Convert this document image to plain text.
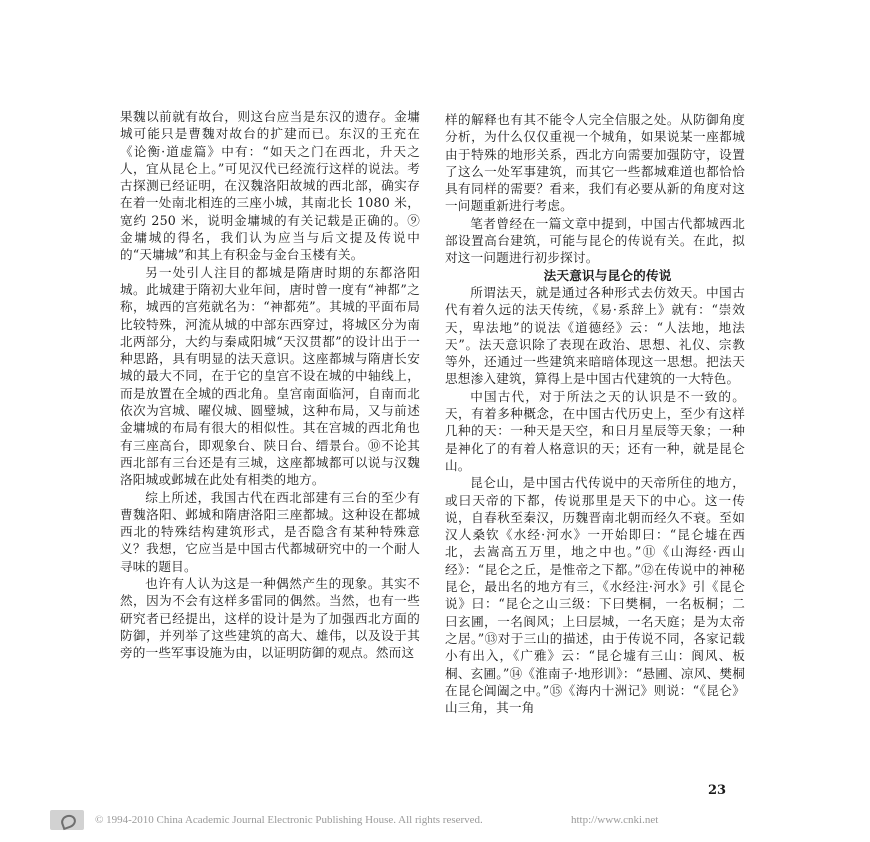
果魏以前就有故台，则这台应当是东汉的遗存。金墉城可能只是曹魏对故台的扩建而已。东汉的王充在《论衡·道虚篇》中有：“如天之门在西北，升天之人，宜从昆仑上。”可见汉代已经流行这样的说法。考古探测已经证明，在汉魏洛阳故城的西北部，确实存在着一处南北相连的三座小城，其南北长 1080 米，宽约 250 米，说明金墉城的有关记载是正确的。⑨金墉城的得名，我们认为应当与后文提及传说中的“天墉城”和其上有积金与金台玉楼有关。

另一处引人注目的都城是隋唐时期的东都洛阳城。此城建于隋初大业年间，唐时曾一度有“神都”之称，城西的宫苑就名为：“神都苑”。其城的平面布局比较特殊，河流从城的中部东西穿过，将城区分为南北两部分，大约与秦咸阳城“天汉贯都”的设计出于一种思路，具有明显的法天意识。这座都城与隋唐长安城的最大不同，在于它的皇宫不设在城的中轴线上，而是放置在全城的西北角。皇宫南面临河，自南而北依次为宫城、曜仪城、圆璧城，这种布局，又与前述金墉城的布局有很大的相似性。其在宫城的西北角也有三座高台，即观象台、陕日台、缙景台。⑩不论其西北部有三台还是有三城，这座都城都可以说与汉魏洛阳城或邺城在此处有相类的地方。

综上所述，我国古代在西北部建有三台的至少有曹魏洛阳、邺城和隋唐洛阳三座都城。这种设在都城西北的特殊结构建筑形式，是否隐含有某种特殊意义？我想，它应当是中国古代都城研究中的一个耐人寻味的题目。

也许有人认为这是一种偶然产生的现象。其实不然，因为不会有这样多雷同的偶然。当然，也有一些研究者已经提出，这样的设计是为了加强西北方面的防御，并列举了这些建筑的高大、雄伟，以及设于其旁的一些军事设施为由，以证明防御的观点。然而这

样的解释也有其不能令人完全信服之处。从防御角度分析，为什么仅仅重视一个城角，如果说某一座都城由于特殊的地形关系，西北方向需要加强防守，设置了这么一处军事建筑，而其它一些都城难道也都恰恰具有同样的需要？看来，我们有必要从新的角度对这一问题重新进行考虑。

笔者曾经在一篇文章中提到，中国古代都城西北部设置高台建筑，可能与昆仑的传说有关。在此，拟对这一问题进行初步探讨。

法天意识与昆仑的传说

所谓法天，就是通过各种形式去仿效天。中国古代有着久远的法天传统，《易·系辞上》就有：“崇效天，卑法地”的说法《道德经》云：“人法地，地法天”。法天意识除了表现在政治、思想、礼仪、宗教等外，还通过一些建筑来暗暗体现这一思想。把法天思想渗入建筑，算得上是中国古代建筑的一大特色。

中国古代，对于所法之天的认识是不一致的。天，有着多种概念，在中国古代历史上，至少有这样几种的天：一种天是天空，和日月星辰等天象；一种是神化了的有着人格意识的天；还有一种，就是昆仑山。

昆仑山，是中国古代传说中的天帝所住的地方，或曰天帝的下都，传说那里是天下的中心。这一传说，自春秋至秦汉，历魏晋南北朝而经久不衰。至如汉人桑钦《水经·河水》一开始即曰：“昆仑墟在西北，去嵩高五万里，地之中也。”⑪《山海经·西山经》：“昆仑之丘，是惟帝之下都。”⑫在传说中的神秘昆仑，最出名的地方有三，《水经注·河水》引《昆仑说》曰：“昆仑之山三级：下曰樊桐，一名板桐；二曰玄圃，一名阆风；上曰层城，一名天庭；是为太帝之居。”⑬对于三山的描述，由于传说不同，各家记载小有出入，《广雅》云：“昆仑墟有三山：阆风、板桐、玄圃。”⑭《淮南子·地形训》：“悬圃、凉风、樊桐在昆仑阊阖之中。”⑮《海内十洲记》则说：“《昆仑》山三角，其一角

23
© 1994-2010 China Academic Journal Electronic Publishing House. All rights reserved.	http://www.cnki.net
